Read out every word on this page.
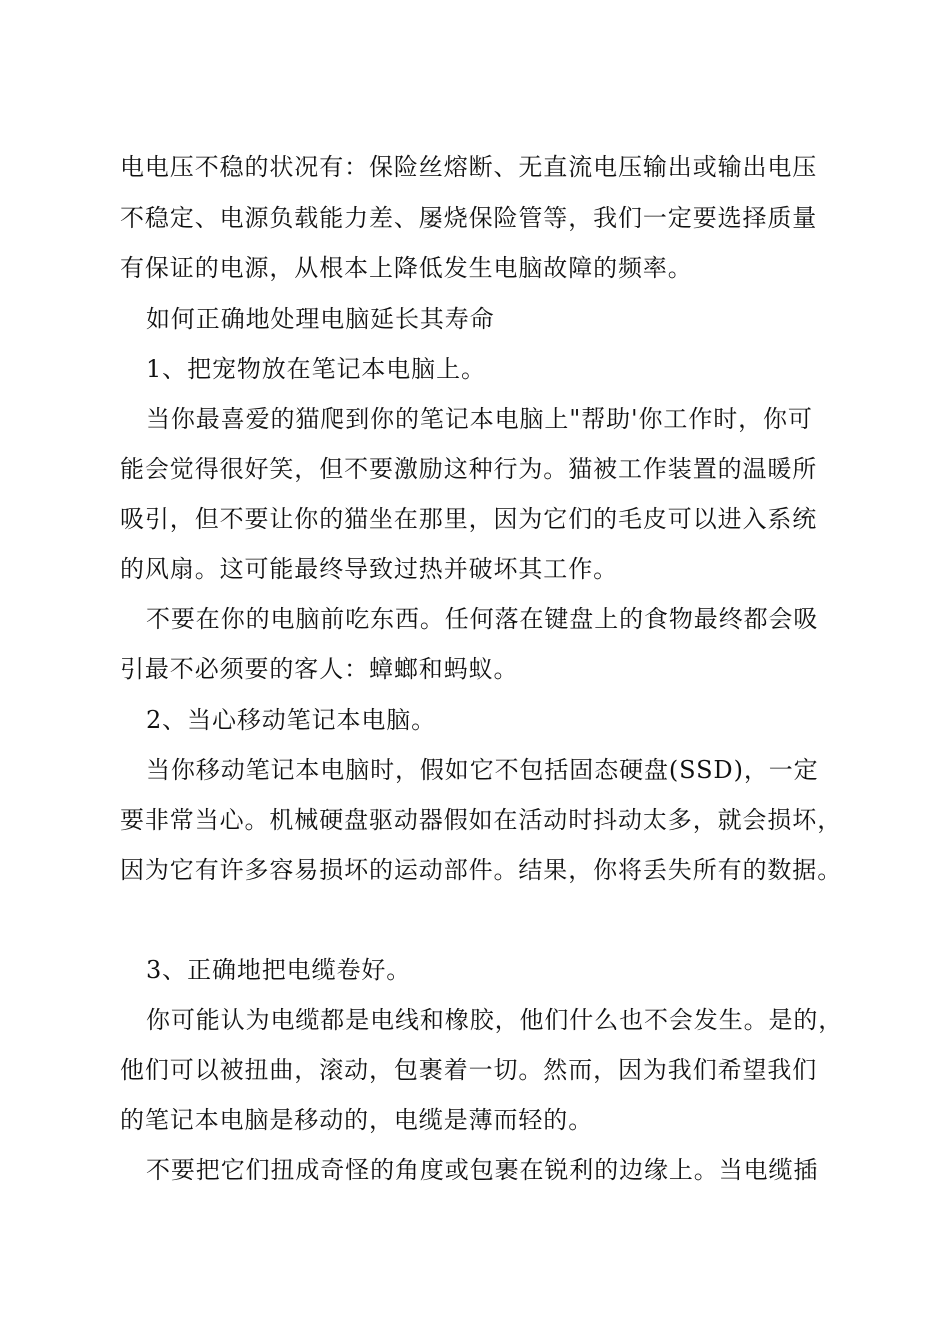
电电压不稳的状况有：保险丝熔断、无直流电压输出或输出电压
不稳定、电源负载能力差、屡烧保险管等，我们一定要选择质量
有保证的电源，从根本上降低发生电脑故障的频率。
如何正确地处理电脑延长其寿命
1、把宠物放在笔记本电脑上。
当你最喜爱的猫爬到你的笔记本电脑上"帮助'你工作时，你可
能会觉得很好笑，但不要激励这种行为。猫被工作装置的温暖所
吸引，但不要让你的猫坐在那里，因为它们的毛皮可以进入系统
的风扇。这可能最终导致过热并破坏其工作。
不要在你的电脑前吃东西。任何落在键盘上的食物最终都会吸
引最不必须要的客人：蟑螂和蚂蚁。
2、当心移动笔记本电脑。
当你移动笔记本电脑时，假如它不包括固态硬盘(SSD)，一定
要非常当心。机械硬盘驱动器假如在活动时抖动太多，就会损坏，
因为它有许多容易损坏的运动部件。结果，你将丢失所有的数据。
3、正确地把电缆卷好。
你可能认为电缆都是电线和橡胶，他们什么也不会发生。是的，
他们可以被扭曲，滚动，包裹着一切。然而，因为我们希望我们
的笔记本电脑是移动的，电缆是薄而轻的。
不要把它们扭成奇怪的角度或包裹在锐利的边缘上。当电缆插
